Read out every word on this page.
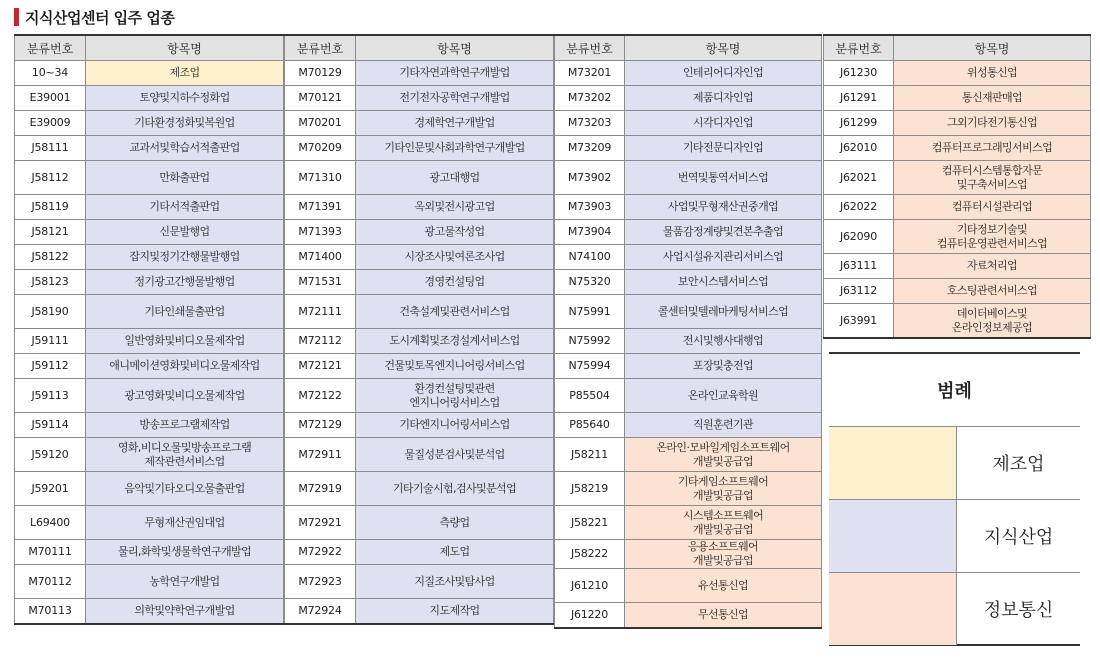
지식산업센터 입주 업종
분류번호	항목명
10~34	제조업
E39001	토양및지하수정화업
E39009	기타환경정화및복원업
J58111	교과서및학습서적출판업
J58112	만화출판업
J58119	기타서적출판업
J58121	신문발행업
J58122	잡지및정기간행물발행업
J58123	정기광고간행물발행업
J58190	기타인쇄물출판업
J59111	일반영화및비디오물제작업
J59112	애니메이션영화및비디오물제작업
J59113	광고영화및비디오물제작업
J59114	방송프로그램제작업
J59120	영화,비디오물및방송프로그램
제작관련서비스업
J59201	음악및기타오디오물출판업
L69400	무형재산권임대업
M70111	물리,화학및생물학연구개발업
M70112	농학연구개발업
M70113	의학및약학연구개발업
분류번호	항목명
M70129	기타자연과학연구개발업
M70121	전기전자공학연구개발업
M70201	경제학연구개발업
M70209	기타인문및사회과학연구개발업
M71310	광고대행업
M71391	옥외및전시광고업
M71393	광고물작성업
M71400	시장조사및여론조사업
M71531	경영컨설팅업
M72111	건축설계및관련서비스업
M72112	도시계획및조경설계서비스업
M72121	건물및토목엔지니어링서비스업
M72122	환경컨설팅및관련
엔지니어링서비스업
M72129	기타엔지니어링서비스업
M72911	물질성분검사및분석업
M72919	기타기술시험,검사및분석업
M72921	측량업
M72922	제도업
M72923	지질조사및탐사업
M72924	지도제작업
분류번호	항목명
M73201	인테리어디자인업
M73202	제품디자인업
M73203	시각디자인업
M73209	기타전문디자인업
M73902	번역및통역서비스업
M73903	사업및무형재산권중개업
M73904	물품감정계량및견본추출업
N74100	사업시설유지관리서비스업
N75320	보안시스템서비스업
N75991	콜센터및텔레마케팅서비스업
N75992	전시및행사대행업
N75994	포장및충전업
P85504	온라인교육학원
P85640	직원훈련기관
J58211	온라인·모바일게임소프트웨어
개발및공급업
J58219	기타게임소프트웨어
개발및공급업
J58221	시스템소프트웨어
개발및공급업
J58222	응용소프트웨어
개발및공급업
J61210	유선통신업
J61220	무선통신업
분류번호	항목명
J61230	위성통신업
J61291	통신재판매업
J61299	그외기타전기통신업
J62010	컴퓨터프로그래밍서비스업
J62021	컴퓨터시스템통합자문
및구축서비스업
J62022	컴퓨터시설관리업
J62090	기타정보기술및
컴퓨터운영관련서비스업
J63111	자료처리업
J63112	호스팅관련서비스업
J63991	데이터베이스및
온라인정보제공업
범례
제조업
지식산업
정보통신
